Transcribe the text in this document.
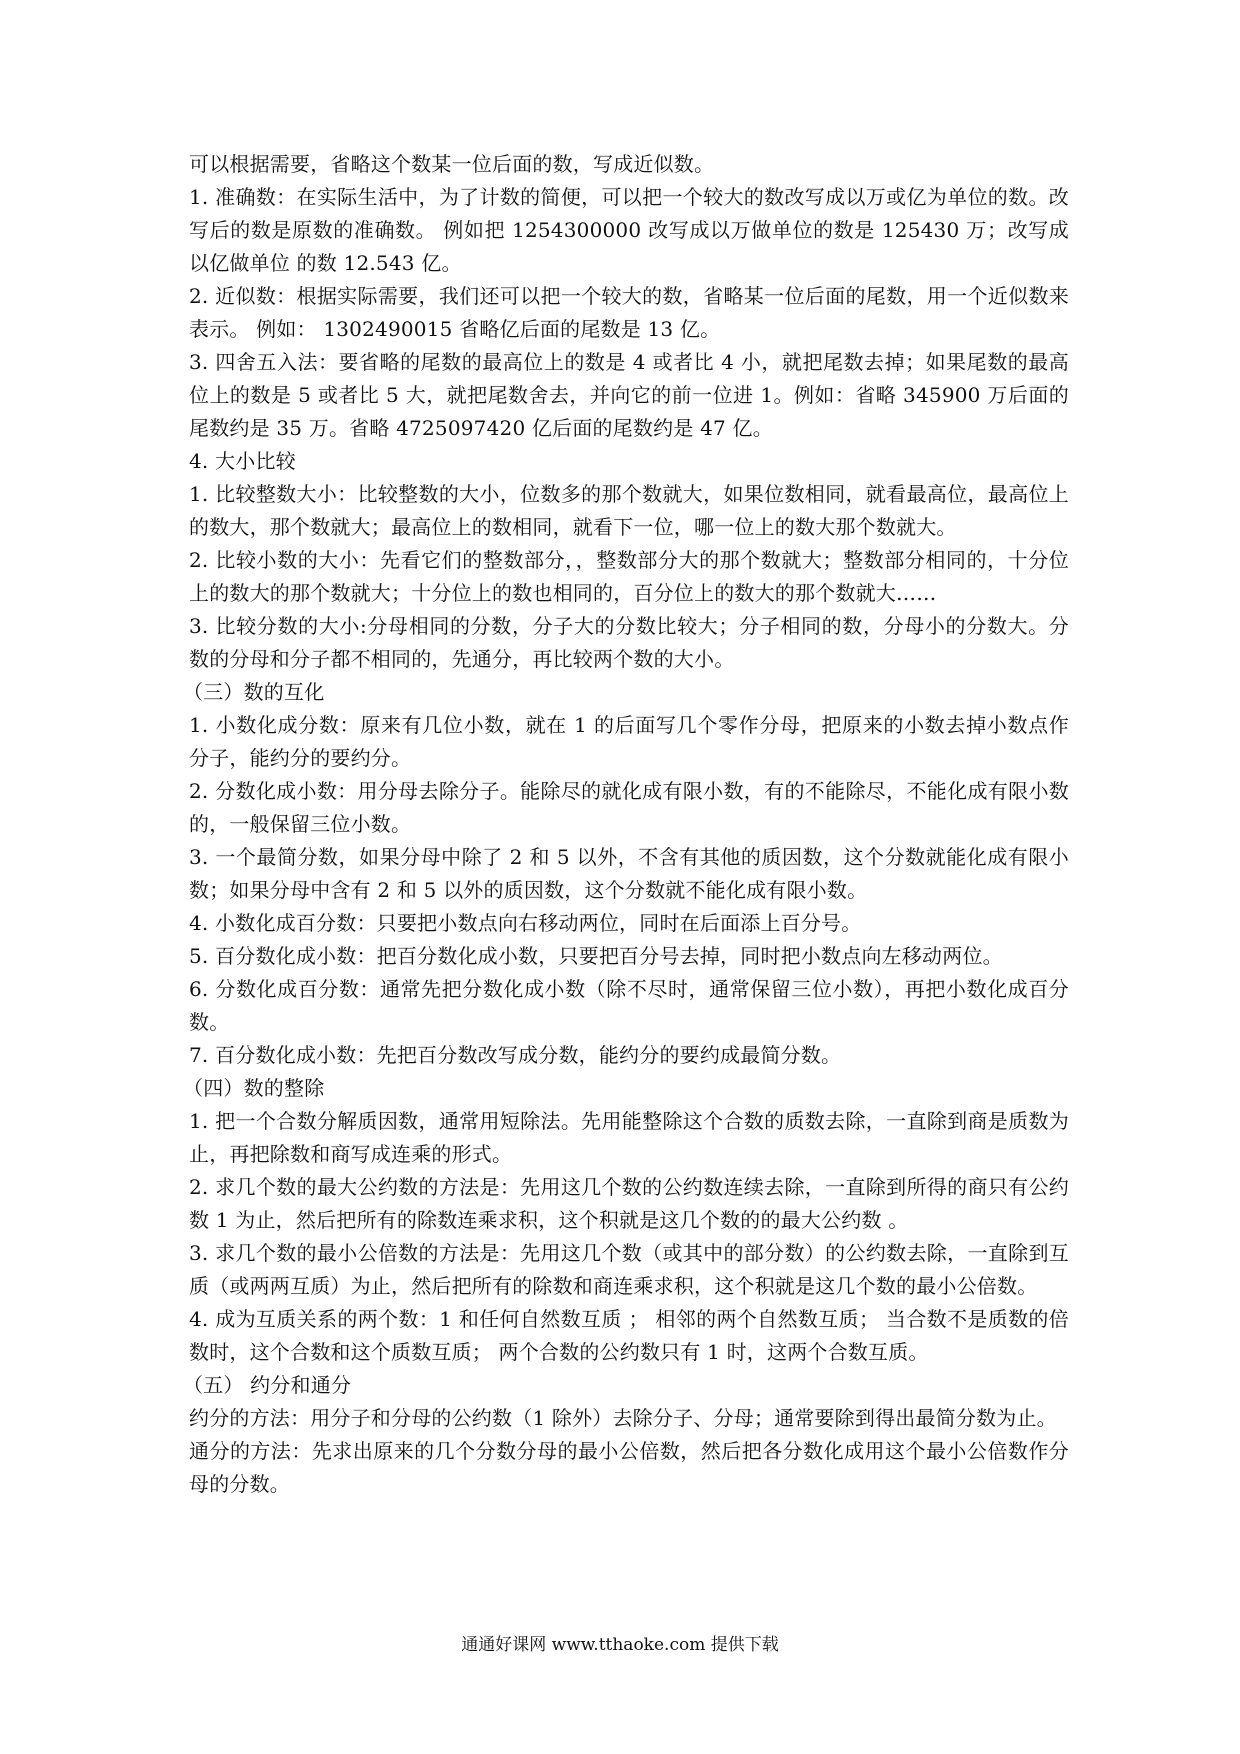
可以根据需要，省略这个数某一位后面的数，写成近似数。

1. 准确数：在实际生活中，为了计数的简便，可以把一个较大的数改写成以万或亿为单位的数。改写后的数是原数的准确数。 例如把 1254300000 改写成以万做单位的数是 125430 万；改写成 以亿做单位 的数 12.543 亿。

2. 近似数：根据实际需要，我们还可以把一个较大的数，省略某一位后面的尾数，用一个近似数来表示。 例如： 1302490015 省略亿后面的尾数是 13 亿。

3. 四舍五入法：要省略的尾数的最高位上的数是 4 或者比 4 小，就把尾数去掉；如果尾数的最高位上的数是 5 或者比 5 大，就把尾数舍去，并向它的前一位进 1。例如：省略 345900 万后面的尾数约是 35 万。省略 4725097420 亿后面的尾数约是 47 亿。

4. 大小比较

1. 比较整数大小：比较整数的大小，位数多的那个数就大，如果位数相同，就看最高位，最高位上的数大，那个数就大；最高位上的数相同，就看下一位，哪一位上的数大那个数就大。

2. 比较小数的大小：先看它们的整数部分，，整数部分大的那个数就大；整数部分相同的，十分位上的数大的那个数就大；十分位上的数也相同的，百分位上的数大的那个数就大……

3. 比较分数的大小:分母相同的分数，分子大的分数比较大；分子相同的数，分母小的分数大。分数的分母和分子都不相同的，先通分，再比较两个数的大小。

（三）数的互化

1. 小数化成分数：原来有几位小数，就在 1 的后面写几个零作分母，把原来的小数去掉小数点作分子，能约分的要约分。

2. 分数化成小数：用分母去除分子。能除尽的就化成有限小数，有的不能除尽，不能化成有限小数的，一般保留三位小数。

3. 一个最简分数，如果分母中除了 2 和 5 以外，不含有其他的质因数，这个分数就能化成有限小数；如果分母中含有 2 和 5 以外的质因数，这个分数就不能化成有限小数。

4. 小数化成百分数：只要把小数点向右移动两位，同时在后面添上百分号。

5. 百分数化成小数：把百分数化成小数，只要把百分号去掉，同时把小数点向左移动两位。

6. 分数化成百分数：通常先把分数化成小数（除不尽时，通常保留三位小数），再把小数化成百分数。

7. 百分数化成小数：先把百分数改写成分数，能约分的要约成最简分数。

（四）数的整除

1. 把一个合数分解质因数，通常用短除法。先用能整除这个合数的质数去除，一直除到商是质数为止，再把除数和商写成连乘的形式。

2. 求几个数的最大公约数的方法是：先用这几个数的公约数连续去除，一直除到所得的商只有公约数 1 为止，然后把所有的除数连乘求积，这个积就是这几个数的的最大公约数 。

3. 求几个数的最小公倍数的方法是：先用这几个数（或其中的部分数）的公约数去除，一直除到互质（或两两互质）为止，然后把所有的除数和商连乘求积，这个积就是这几个数的最小公倍数。

4. 成为互质关系的两个数：1 和任何自然数互质 ； 相邻的两个自然数互质； 当合数不是质数的倍数时，这个合数和这个质数互质； 两个合数的公约数只有 1 时，这两个合数互质。

（五） 约分和通分

约分的方法：用分子和分母的公约数（1 除外）去除分子、分母；通常要除到得出最简分数为止。

通分的方法：先求出原来的几个分数分母的最小公倍数，然后把各分数化成用这个最小公倍数作分母的分数。

通通好课网 www.tthaoke.com 提供下载
